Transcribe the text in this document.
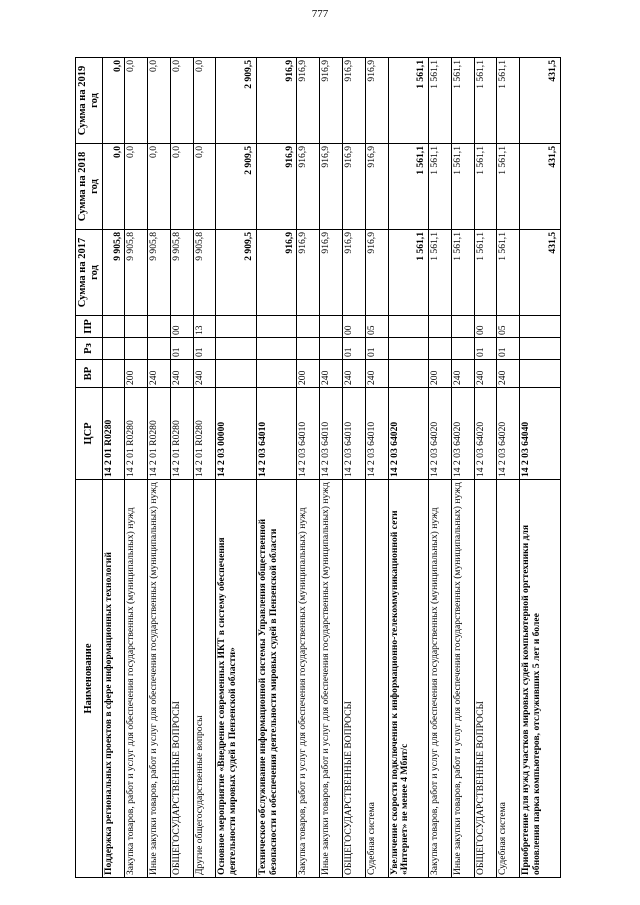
777
Наименование	ЦСР	ВР	Рз	ПР	Сумма на 2017 год	Сумма на 2018 год	Сумма на 2019 год
Поддержка региональных проектов в сфере информационных технологий	14 2 01 R0280				9 905,8	0,0	0,0
Закупка товаров, работ и услуг для обеспечения государственных (муниципальных) нужд	14 2 01 R0280	200			9 905,8	0,0	0,0
Иные закупки товаров, работ и услуг для обеспечения государственных (муниципальных) нужд	14 2 01 R0280	240			9 905,8	0,0	0,0
ОБЩЕГОСУДАРСТВЕННЫЕ ВОПРОСЫ	14 2 01 R0280	240	01	00	9 905,8	0,0	0,0
Другие общегосударственные вопросы	14 2 01 R0280	240	01	13	9 905,8	0,0	0,0
Основное мероприятие «Внедрение современных ИКТ в систему обеспечения деятельности мировых судей в Пензенской области»	14 2 03 00000				2 909,5	2 909,5	2 909,5
Техническое обслуживание информационной системы Управления общественной безопасности и обеспечения деятельности мировых судей в Пензенской области	14 2 03 64010				916,9	916,9	916,9
Закупка товаров, работ и услуг для обеспечения государственных (муниципальных) нужд	14 2 03 64010	200			916,9	916,9	916,9
Иные закупки товаров, работ и услуг для обеспечения государственных (муниципальных) нужд	14 2 03 64010	240			916,9	916,9	916,9
ОБЩЕГОСУДАРСТВЕННЫЕ ВОПРОСЫ	14 2 03 64010	240	01	00	916,9	916,9	916,9
Судебная система	14 2 03 64010	240	01	05	916,9	916,9	916,9
Увеличение скорости подключения к информационно-телекоммуникационной сети «Интернет» не менее 4 Мбит/с	14 2 03 64020				1 561,1	1 561,1	1 561,1
Закупка товаров, работ и услуг для обеспечения государственных (муниципальных) нужд	14 2 03 64020	200			1 561,1	1 561,1	1 561,1
Иные закупки товаров, работ и услуг для обеспечения государственных (муниципальных) нужд	14 2 03 64020	240			1 561,1	1 561,1	1 561,1
ОБЩЕГОСУДАРСТВЕННЫЕ ВОПРОСЫ	14 2 03 64020	240	01	00	1 561,1	1 561,1	1 561,1
Судебная система	14 2 03 64020	240	01	05	1 561,1	1 561,1	1 561,1
Приобретение для нужд участков мировых судей компьютерной оргтехники для обновления парка компьютеров, отслуживших 5 лет и более	14 2 03 64040				431,5	431,5	431,5
